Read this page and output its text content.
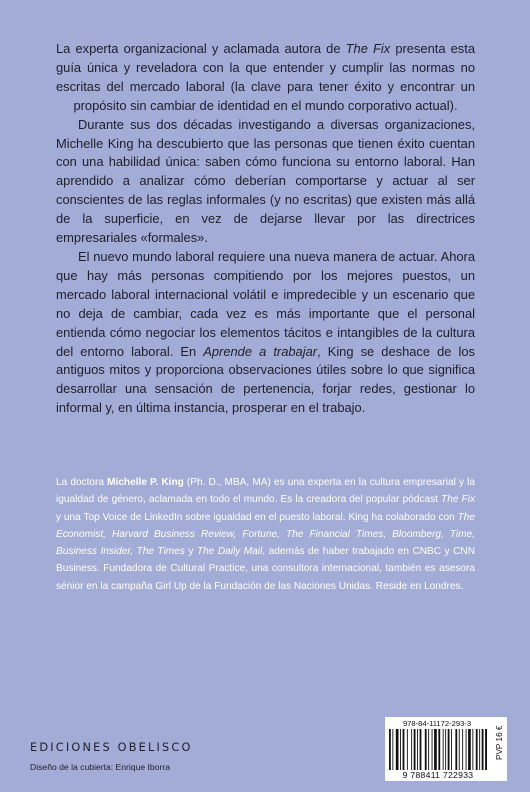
La experta organizacional y aclamada autora de The Fix presenta esta guía única y reveladora con la que entender y cumplir las normas no escritas del mercado laboral (la clave para tener éxito y encontrar un propósito sin cambiar de identidad en el mundo corporativo actual).

Durante sus dos décadas investigando a diversas organizaciones, Michelle King ha descubierto que las personas que tienen éxito cuentan con una habilidad única: saben cómo funciona su entorno laboral. Han aprendido a analizar cómo deberían comportarse y actuar al ser conscientes de las reglas informales (y no escritas) que existen más allá de la superficie, en vez de dejarse llevar por las directrices empresariales «formales».

El nuevo mundo laboral requiere una nueva manera de actuar. Ahora que hay más personas compitiendo por los mejores puestos, un mercado laboral internacional volátil e impredecible y un escenario que no deja de cambiar, cada vez es más importante que el personal entienda cómo negociar los elementos tácitos e intangibles de la cultura del entorno laboral. En Aprende a trabajar, King se deshace de los antiguos mitos y proporciona observaciones útiles sobre lo que significa desarrollar una sensación de pertenencia, forjar redes, gestionar lo informal y, en última instancia, prosperar en el trabajo.

La doctora Michelle P. King (Ph. D., MBA, MA) es una experta en la cultura empresarial y la igualdad de género, aclamada en todo el mundo. Es la creadora del popular pódcast The Fix y una Top Voice de LinkedIn sobre igualdad en el puesto laboral. King ha colaborado con The Economist, Harvard Business Review, Fortune, The Financial Times, Bloomberg, Time, Business Insider, The Times y The Daily Mail, además de haber trabajado en CNBC y CNN Business. Fundadora de Cultural Practice, una consultora internacional, también es asesora sénior en la campaña Girl Up de la Fundación de las Naciones Unidas. Reside en Londres.

978-84-11172-293-3
9 788411 722933
PVP 16 €
EDICIONES OBELISCO
Diseño de la cubierta: Enrique Iborra
